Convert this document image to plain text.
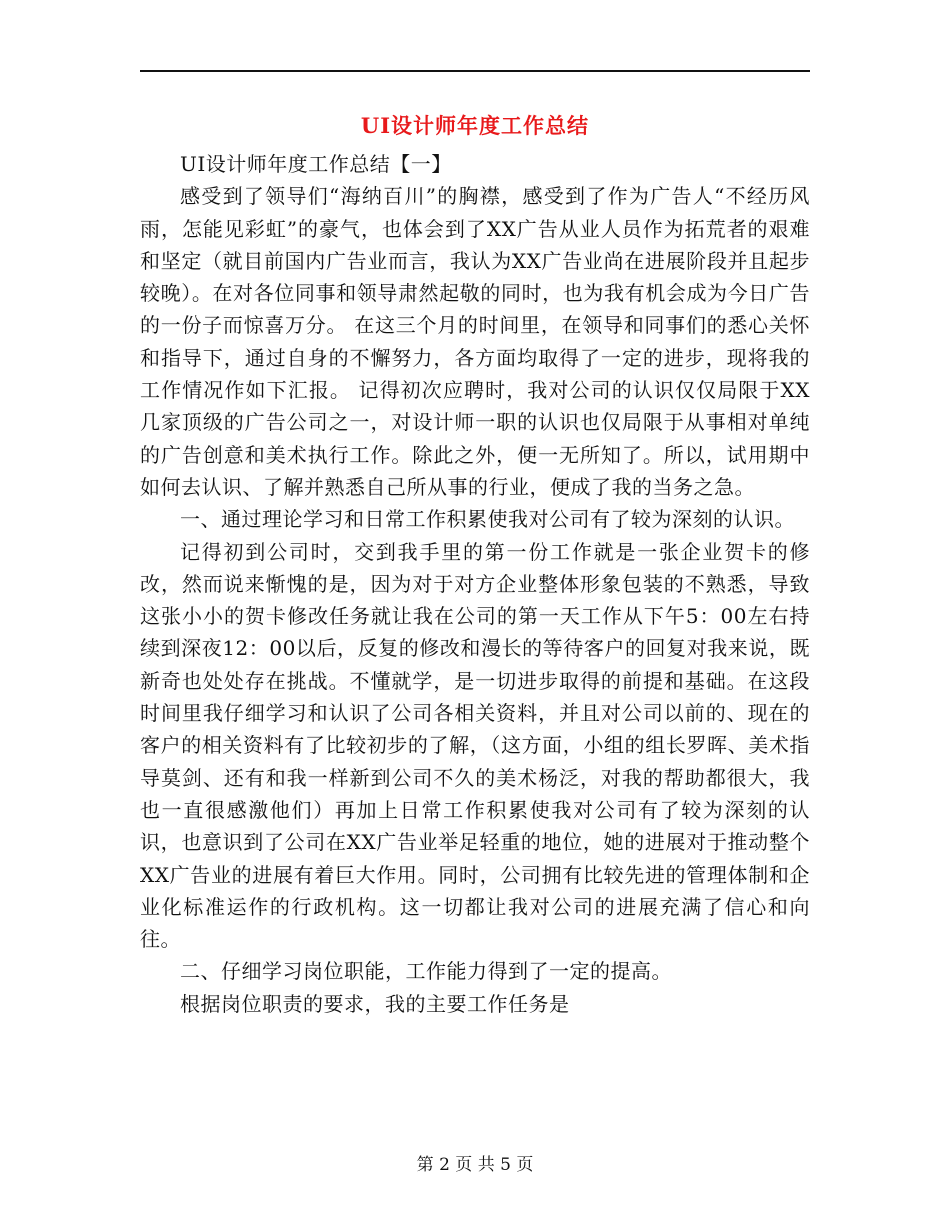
UI设计师年度工作总结

UI设计师年度工作总结【一】

感受到了领导们“海纳百川”的胸襟，感受到了作为广告人“不经历风雨，怎能见彩虹”的豪气，也体会到了XX广告从业人员作为拓荒者的艰难和坚定（就目前国内广告业而言，我认为XX广告业尚在进展阶段并且起步较晚）。在对各位同事和领导肃然起敬的同时，也为我有机会成为今日广告的一份子而惊喜万分。 在这三个月的时间里，在领导和同事们的悉心关怀和指导下，通过自身的不懈努力，各方面均取得了一定的进步，现将我的工作情况作如下汇报。 记得初次应聘时，我对公司的认识仅仅局限于XX几家顶级的广告公司之一，对设计师一职的认识也仅局限于从事相对单纯的广告创意和美术执行工作。除此之外，便一无所知了。所以，试用期中如何去认识、了解并熟悉自己所从事的行业，便成了我的当务之急。

一、通过理论学习和日常工作积累使我对公司有了较为深刻的认识。

记得初到公司时，交到我手里的第一份工作就是一张企业贺卡的修改，然而说来惭愧的是，因为对于对方企业整体形象包装的不熟悉，导致这张小小的贺卡修改任务就让我在公司的第一天工作从下午5：00左右持续到深夜12：00以后，反复的修改和漫长的等待客户的回复对我来说，既新奇也处处存在挑战。不懂就学，是一切进步取得的前提和基础。在这段时间里我仔细学习和认识了公司各相关资料，并且对公司以前的、现在的客户的相关资料有了比较初步的了解，（这方面，小组的组长罗晖、美术指导莫剑、还有和我一样新到公司不久的美术杨泛，对我的帮助都很大，我也一直很感激他们）再加上日常工作积累使我对公司有了较为深刻的认识，也意识到了公司在XX广告业举足轻重的地位，她的进展对于推动整个XX广告业的进展有着巨大作用。同时，公司拥有比较先进的管理体制和企业化标准运作的行政机构。这一切都让我对公司的进展充满了信心和向往。

二、仔细学习岗位职能，工作能力得到了一定的提高。

根据岗位职责的要求，我的主要工作任务是

第 2 页 共 5 页
